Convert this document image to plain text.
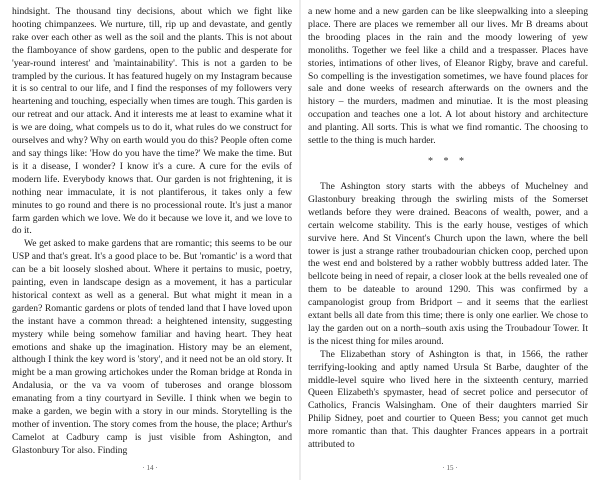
hindsight. The thousand tiny decisions, about which we fight like hooting chimpanzees. We nurture, till, rip up and devastate, and gently rake over each other as well as the soil and the plants. This is not about the flamboyance of show gardens, open to the public and desperate for 'year-round interest' and 'maintainability'. This is not a garden to be trampled by the curious. It has featured hugely on my Instagram because it is so central to our life, and I find the responses of my followers very heartening and touching, especially when times are tough. This garden is our retreat and our attack. And it interests me at least to examine what it is we are doing, what compels us to do it, what rules do we construct for ourselves and why? Why on earth would you do this? People often come and say things like: 'How do you have the time?' We make the time. But is it a disease, I wonder? I know it's a cure. A cure for the evils of modern life. Everybody knows that. Our garden is not frightening, it is nothing near immaculate, it is not plantiferous, it takes only a few minutes to go round and there is no processional route. It's just a manor farm garden which we love. We do it because we love it, and we love to do it.

We get asked to make gardens that are romantic; this seems to be our USP and that's great. It's a good place to be. But 'romantic' is a word that can be a bit loosely sloshed about. Where it pertains to music, poetry, painting, even in landscape design as a movement, it has a particular historical context as well as a general. But what might it mean in a garden? Romantic gardens or plots of tended land that I have loved upon the instant have a common thread: a heightened intensity, suggesting mystery while being somehow familiar and having heart. They heat emotions and shake up the imagination. History may be an element, although I think the key word is 'story', and it need not be an old story. It might be a man growing artichokes under the Roman bridge at Ronda in Andalusia, or the va va voom of tuberoses and orange blossom emanating from a tiny courtyard in Seville. I think when we begin to make a garden, we begin with a story in our minds. Storytelling is the mother of invention. The story comes from the house, the place; Arthur's Camelot at Cadbury camp is just visible from Ashington, and Glastonbury Tor also. Finding

· 14 ·

a new home and a new garden can be like sleepwalking into a sleeping place. There are places we remember all our lives. Mr B dreams about the brooding places in the rain and the moody lowering of yew monoliths. Together we feel like a child and a trespasser. Places have stories, intimations of other lives, of Eleanor Rigby, brave and careful. So compelling is the investigation sometimes, we have found places for sale and done weeks of research afterwards on the owners and the history – the murders, madmen and minutiae. It is the most pleasing occupation and teaches one a lot. A lot about history and architecture and planting. All sorts. This is what we find romantic. The choosing to settle to the thing is much harder.

* * *

The Ashington story starts with the abbeys of Muchelney and Glastonbury breaking through the swirling mists of the Somerset wetlands before they were drained. Beacons of wealth, power, and a certain welcome stability. This is the early house, vestiges of which survive here. And St Vincent's Church upon the lawn, where the bell tower is just a strange rather troubadourian chicken coop, perched upon the west end and bolstered by a rather wobbly buttress added later. The bellcote being in need of repair, a closer look at the bells revealed one of them to be dateable to around 1290. This was confirmed by a campanologist group from Bridport – and it seems that the earliest extant bells all date from this time; there is only one earlier. We chose to lay the garden out on a north–south axis using the Troubadour Tower. It is the nicest thing for miles around.

The Elizabethan story of Ashington is that, in 1566, the rather terrifying-looking and aptly named Ursula St Barbe, daughter of the middle-level squire who lived here in the sixteenth century, married Queen Elizabeth's spymaster, head of secret police and persecutor of Catholics, Francis Walsingham. One of their daughters married Sir Philip Sidney, poet and courtier to Queen Bess; you cannot get much more romantic than that. This daughter Frances appears in a portrait attributed to

· 15 ·
